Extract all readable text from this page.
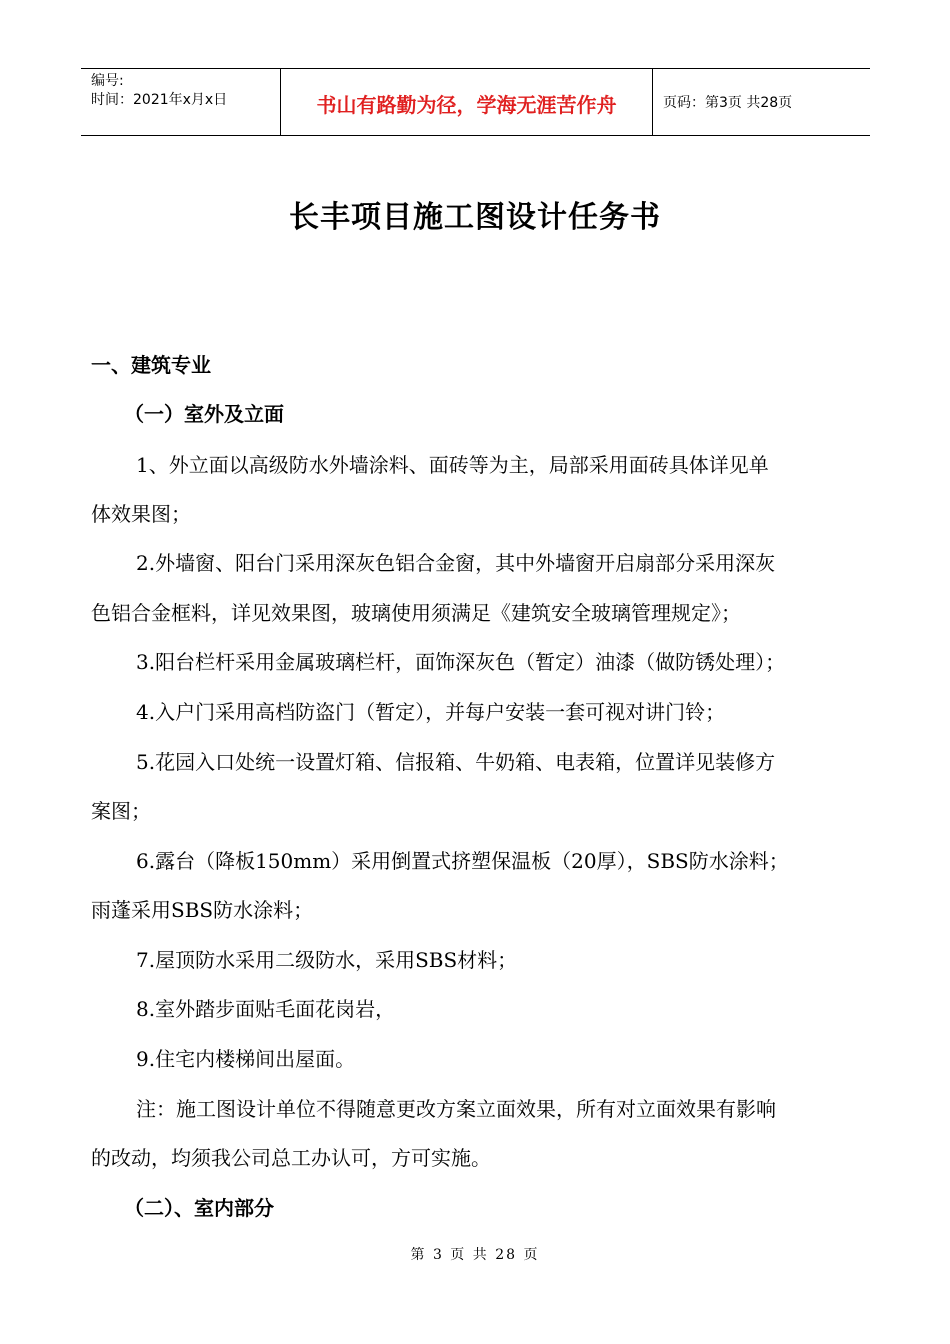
编号:
时间：2021年x月x日	书山有路勤为径，学海无涯苦作舟	页码：第3页 共28页
长丰项目施工图设计任务书
一、建筑专业
（一）室外及立面
1、外立面以高级防水外墙涂料、面砖等为主，局部采用面砖具体详见单
体效果图；
2.外墙窗、阳台门采用深灰色铝合金窗，其中外墙窗开启扇部分采用深灰
色铝合金框料，详见效果图，玻璃使用须满足《建筑安全玻璃管理规定》；
3.阳台栏杆采用金属玻璃栏杆，面饰深灰色（暂定）油漆（做防锈处理）；
4.入户门采用高档防盗门（暂定），并每户安装一套可视对讲门铃；
5.花园入口处统一设置灯箱、信报箱、牛奶箱、电表箱，位置详见装修方
案图；
6.露台（降板150mm）采用倒置式挤塑保温板（20厚），SBS防水涂料；
雨蓬采用SBS防水涂料；
7.屋顶防水采用二级防水，采用SBS材料；
8.室外踏步面贴毛面花岗岩，
9.住宅内楼梯间出屋面。
注：施工图设计单位不得随意更改方案立面效果，所有对立面效果有影响
的改动，均须我公司总工办认可，方可实施。
（二）、室内部分
第 3 页 共 28 页
